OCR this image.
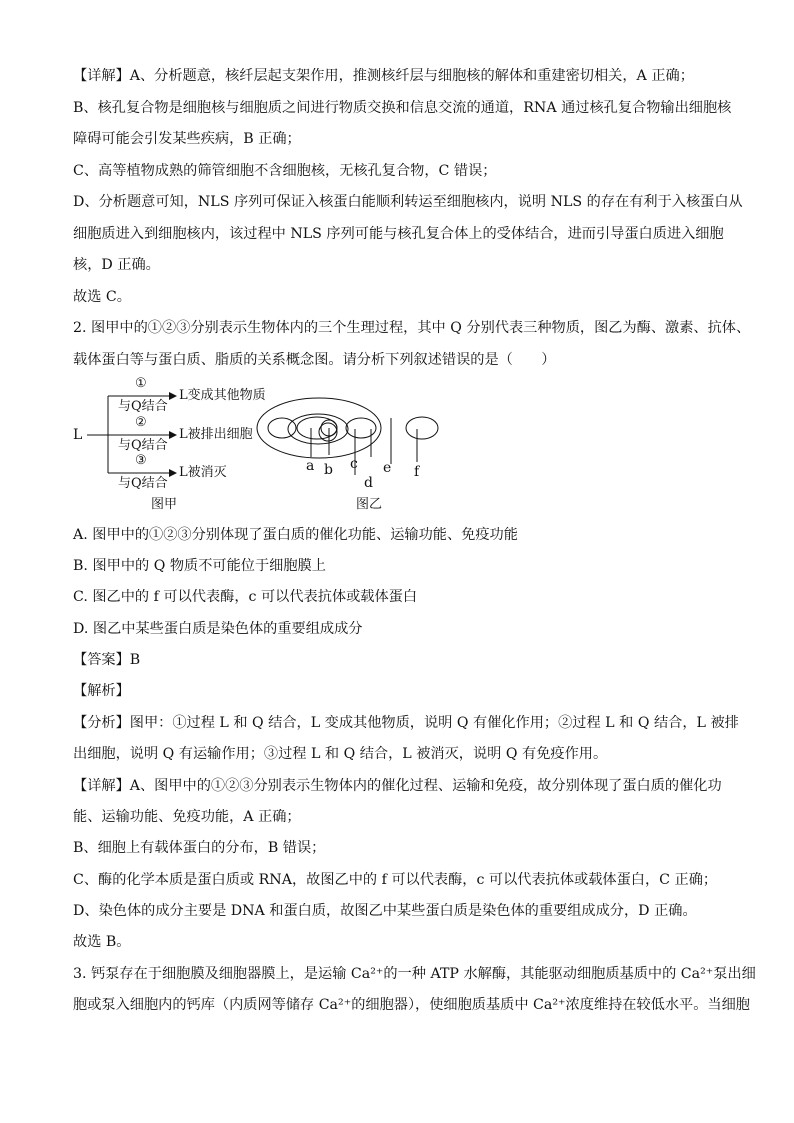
【详解】A、分析题意，核纤层起支架作用，推测核纤层与细胞核的解体和重建密切相关，A 正确；
B、核孔复合物是细胞核与细胞质之间进行物质交换和信息交流的通道，RNA 通过核孔复合物输出细胞核
障碍可能会引发某些疾病，B 正确；
C、高等植物成熟的筛管细胞不含细胞核，无核孔复合物，C 错误；
D、分析题意可知，NLS 序列可保证入核蛋白能顺利转运至细胞核内，说明 NLS 的存在有利于入核蛋白从
细胞质进入到细胞核内，该过程中 NLS 序列可能与核孔复合体上的受体结合，进而引导蛋白质进入细胞
核，D 正确。
故选 C。
2. 图甲中的①②③分别表示生物体内的三个生理过程，其中 Q 分别代表三种物质，图乙为酶、激素、抗体、
载体蛋白等与蛋白质、脂质的关系概念图。请分析下列叙述错误的是（　　）
L
①
与Q结合
L变成其他物质
②
与Q结合
L被排出细胞
③
与Q结合
L被消灭
图甲
a b c
d
e f
图乙
A. 图甲中的①②③分别体现了蛋白质的催化功能、运输功能、免疫功能
B. 图甲中的 Q 物质不可能位于细胞膜上
C. 图乙中的 f 可以代表酶，c 可以代表抗体或载体蛋白
D. 图乙中某些蛋白质是染色体的重要组成成分
【答案】B
【解析】
【分析】图甲：①过程 L 和 Q 结合，L 变成其他物质，说明 Q 有催化作用；②过程 L 和 Q 结合，L 被排
出细胞，说明 Q 有运输作用；③过程 L 和 Q 结合，L 被消灭，说明 Q 有免疫作用。
【详解】A、图甲中的①②③分别表示生物体内的催化过程、运输和免疫，故分别体现了蛋白质的催化功
能、运输功能、免疫功能，A 正确；
B、细胞上有载体蛋白的分布，B 错误；
C、酶的化学本质是蛋白质或 RNA，故图乙中的 f 可以代表酶，c 可以代表抗体或载体蛋白，C 正确；
D、染色体的成分主要是 DNA 和蛋白质，故图乙中某些蛋白质是染色体的重要组成成分，D 正确。
故选 B。
3. 钙泵存在于细胞膜及细胞器膜上，是运输 Ca²⁺的一种 ATP 水解酶，其能驱动细胞质基质中的 Ca²⁺泵出细
胞或泵入细胞内的钙库（内质网等储存 Ca²⁺的细胞器），使细胞质基质中 Ca²⁺浓度维持在较低水平。当细胞
